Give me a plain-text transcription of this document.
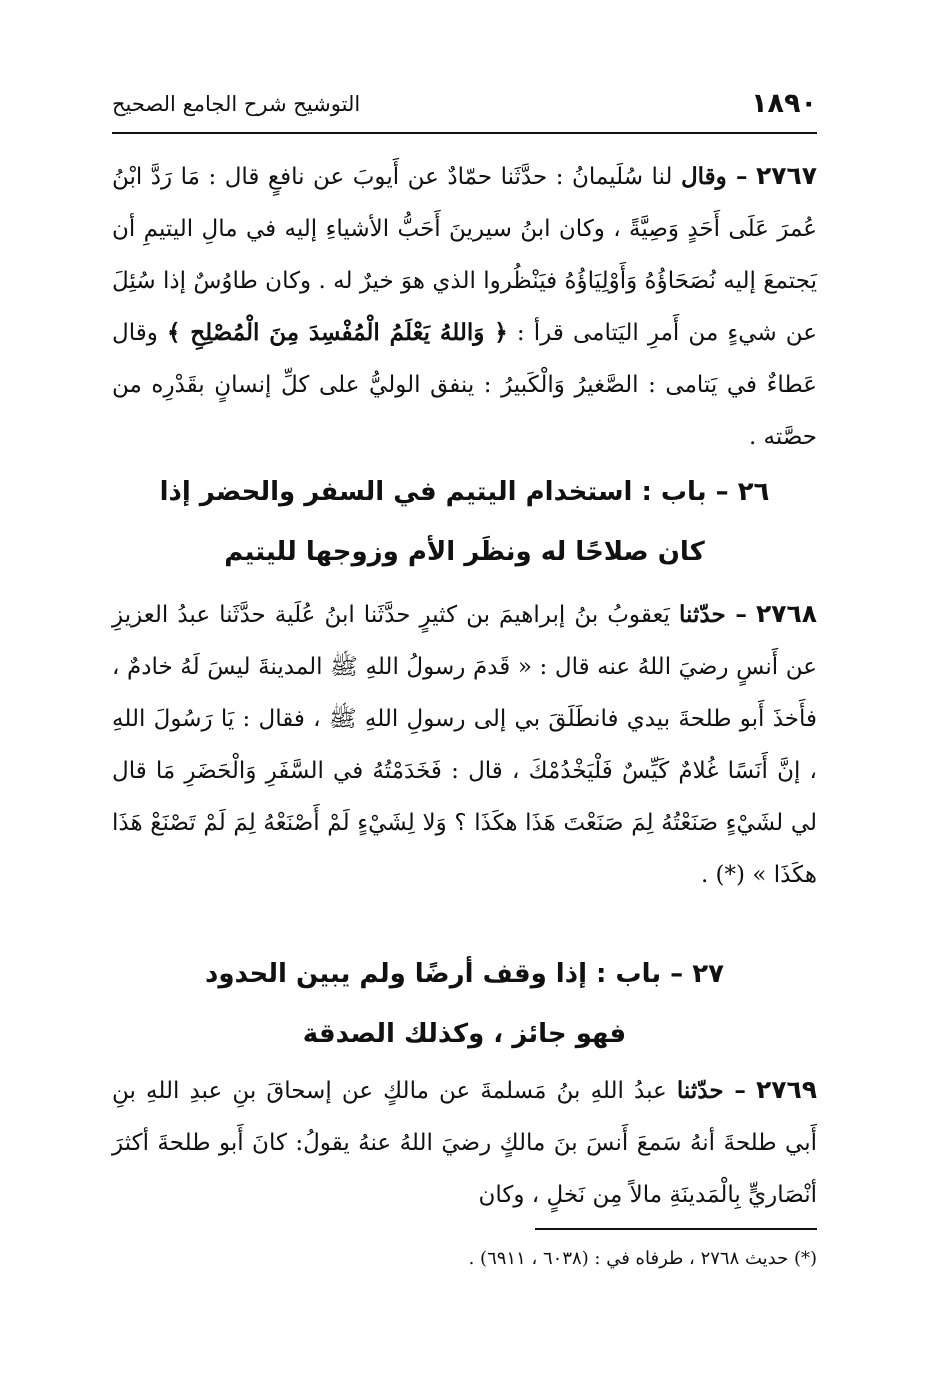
١٨٩٠
التوشيح شرح الجامع الصحيح
٢٧٦٧ – وقال لنا سُلَيمانُ : حدَّثَنا حمّادٌ عن أَيوبَ عن نافعٍ قال : مَا رَدَّ ابْنُ عُمرَ عَلَى أَحَدٍ وَصِيَّةً ، وكان ابنُ سيرينَ أَحَبُّ الأشياءِ إليه في مالِ اليتيمِ أن يَجتمعَ إليه نُصَحَاؤُهُ وَأَوْلِيَاؤُهُ فيَنْظُروا الذي هوَ خيرٌ له . وكان طاوُسٌ إذا سُئِلَ عن شيءٍ من أَمرِ اليَتامى قرأ : ﴿ وَاللهُ يَعْلَمُ الْمُفْسِدَ مِنَ الْمُصْلِحِ ﴾ وقال عَطاءٌ في يَتامى : الصَّغيرُ وَالْكَبيرُ : ينفق الوليُّ على كلِّ إنسانٍ بقَدْرِه من حصَّته .
٢٦ – باب : استخدام اليتيم في السفر والحضر إذا
كان صلاحًا له ونظَر الأم وزوجها لليتيم
٢٧٦٨ – حدّثنا يَعقوبُ بنُ إبراهيمَ بن كثيرٍ حدَّثَنا ابنُ عُلَية حدَّثَنا عبدُ العزيزِ عن أَنسٍ رضيَ اللهُ عنه قال : « قَدمَ رسولُ اللهِ ﷺ المدينةَ ليسَ لَهُ خادمٌ ، فأَخذَ أَبو طلحةَ بيدي فانطَلَقَ بي إلى رسولِ اللهِ ﷺ ، فقال : يَا رَسُولَ اللهِ ، إنَّ أَنَسًا غُلامٌ كَيِّسٌ فَلْيَخْدُمْكَ ، قال : فَخَدَمْتُهُ في السَّفَرِ وَالْحَضَرِ مَا قال لي لشَيْءٍ صَنَعْتُهُ لِمَ صَنَعْتَ هَذَا هكَذَا ؟ وَلا لِشَيْءٍ لَمْ أَصْنَعْهُ لِمَ لَمْ تَصْنَعْ هَذَا هكَذَا » (*) .
٢٧ – باب : إذا وقف أرضًا ولم يبين الحدود
فهو جائز ، وكذلك الصدقة
٢٧٦٩ – حدّثنا عبدُ اللهِ بنُ مَسلمةَ عن مالكٍ عن إسحاقَ بنِ عبدِ اللهِ بنِ أَبي طلحةَ أنهُ سَمعَ أَنسَ بنَ مالكٍ رضيَ اللهُ عنهُ يقولُ: كانَ أَبو طلحةَ أكثرَ أنْصَاريٍّ بِالْمَدينَةِ مالاً مِن نَخلٍ ، وكان
(*) حديث ٢٧٦٨ ، طرفاه في : (٦٠٣٨ ، ٦٩١١) .
